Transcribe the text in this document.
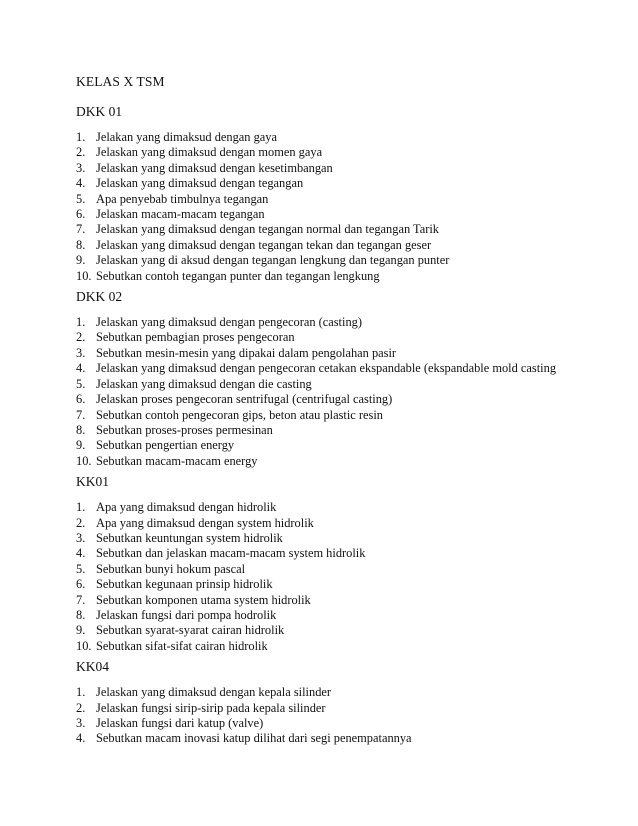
KELAS X TSM
DKK 01
1. Jelakan yang dimaksud dengan gaya
2. Jelaskan yang dimaksud dengan momen gaya
3. Jelaskan yang dimaksud dengan kesetimbangan
4. Jelaskan yang dimaksud dengan tegangan
5. Apa penyebab timbulnya tegangan
6. Jelaskan macam-macam tegangan
7. Jelaskan yang dimaksud dengan tegangan normal dan tegangan Tarik
8. Jelaskan yang dimaksud dengan tegangan tekan dan tegangan geser
9. Jelaskan yang di aksud dengan tegangan lengkung dan tegangan punter
10. Sebutkan contoh tegangan punter dan tegangan lengkung
DKK 02
1. Jelaskan yang dimaksud dengan pengecoran (casting)
2. Sebutkan pembagian proses pengecoran
3. Sebutkan mesin-mesin yang dipakai dalam pengolahan pasir
4. Jelaskan yang dimaksud dengan pengecoran cetakan ekspandable (ekspandable mold casting
5. Jelaskan yang dimaksud dengan die casting
6. Jelaskan proses pengecoran sentrifugal (centrifugal casting)
7. Sebutkan contoh pengecoran gips, beton atau plastic resin
8. Sebutkan proses-proses permesinan
9. Sebutkan pengertian energy
10. Sebutkan macam-macam energy
KK01
1. Apa yang dimaksud dengan hidrolik
2. Apa yang dimaksud dengan system hidrolik
3. Sebutkan keuntungan system hidrolik
4. Sebutkan dan jelaskan macam-macam system hidrolik
5. Sebutkan bunyi hokum pascal
6. Sebutkan kegunaan prinsip hidrolik
7. Sebutkan komponen utama system hidrolik
8. Jelaskan fungsi dari pompa hodrolik
9. Sebutkan syarat-syarat cairan hidrolik
10. Sebutkan sifat-sifat cairan hidrolik
KK04
1. Jelaskan yang dimaksud dengan kepala silinder
2. Jelaskan fungsi sirip-sirip pada kepala silinder
3. Jelaskan fungsi dari katup (valve)
4. Sebutkan macam inovasi katup dilihat dari segi penempatannya
